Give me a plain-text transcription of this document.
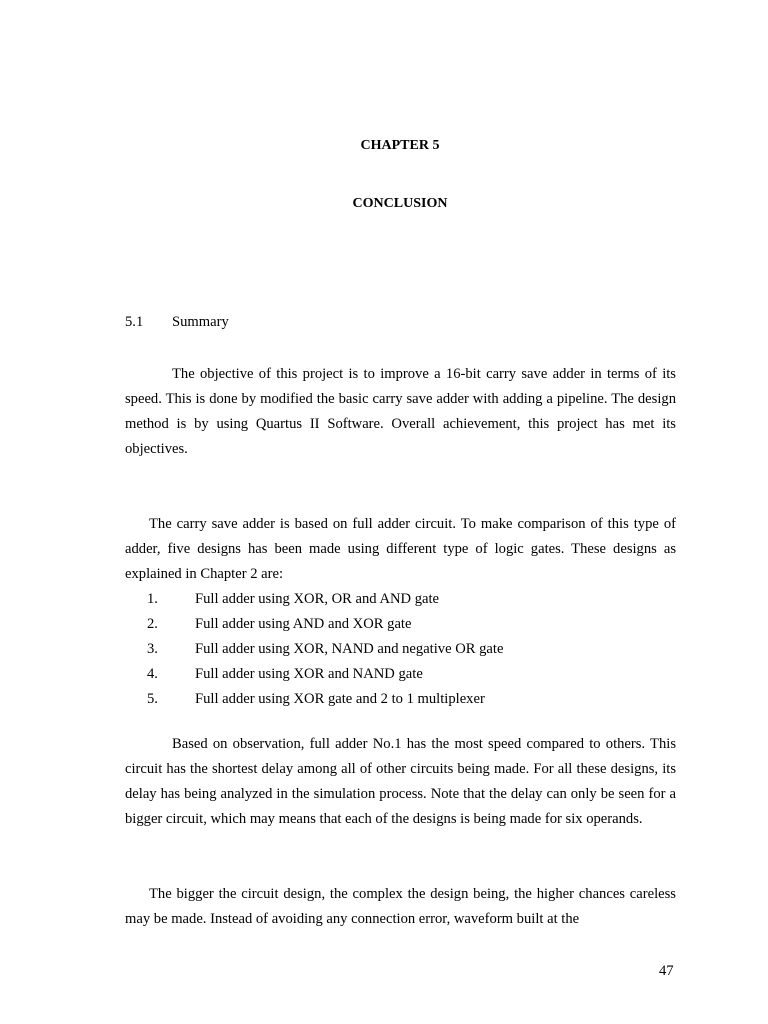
CHAPTER 5
CONCLUSION
5.1 Summary

The objective of this project is to improve a 16-bit carry save adder in terms of its speed. This is done by modified the basic carry save adder with adding a pipeline. The design method is by using Quartus II Software. Overall achievement, this project has met its objectives.

The carry save adder is based on full adder circuit. To make comparison of this type of adder, five designs has been made using different type of logic gates. These designs as explained in Chapter 2 are:

1.	Full adder using XOR, OR and AND gate
2.	Full adder using AND and XOR gate
3.	Full adder using XOR, NAND and negative OR gate
4.	Full adder using XOR and NAND gate
5.	Full adder using XOR gate and 2 to 1 multiplexer

Based on observation, full adder No.1 has the most speed compared to others. This circuit has the shortest delay among all of other circuits being made. For all these designs, its delay has being analyzed in the simulation process. Note that the delay can only be seen for a bigger circuit, which may means that each of the designs is being made for six operands.

The bigger the circuit design, the complex the design being, the higher chances careless may be made. Instead of avoiding any connection error, waveform built at the

47
